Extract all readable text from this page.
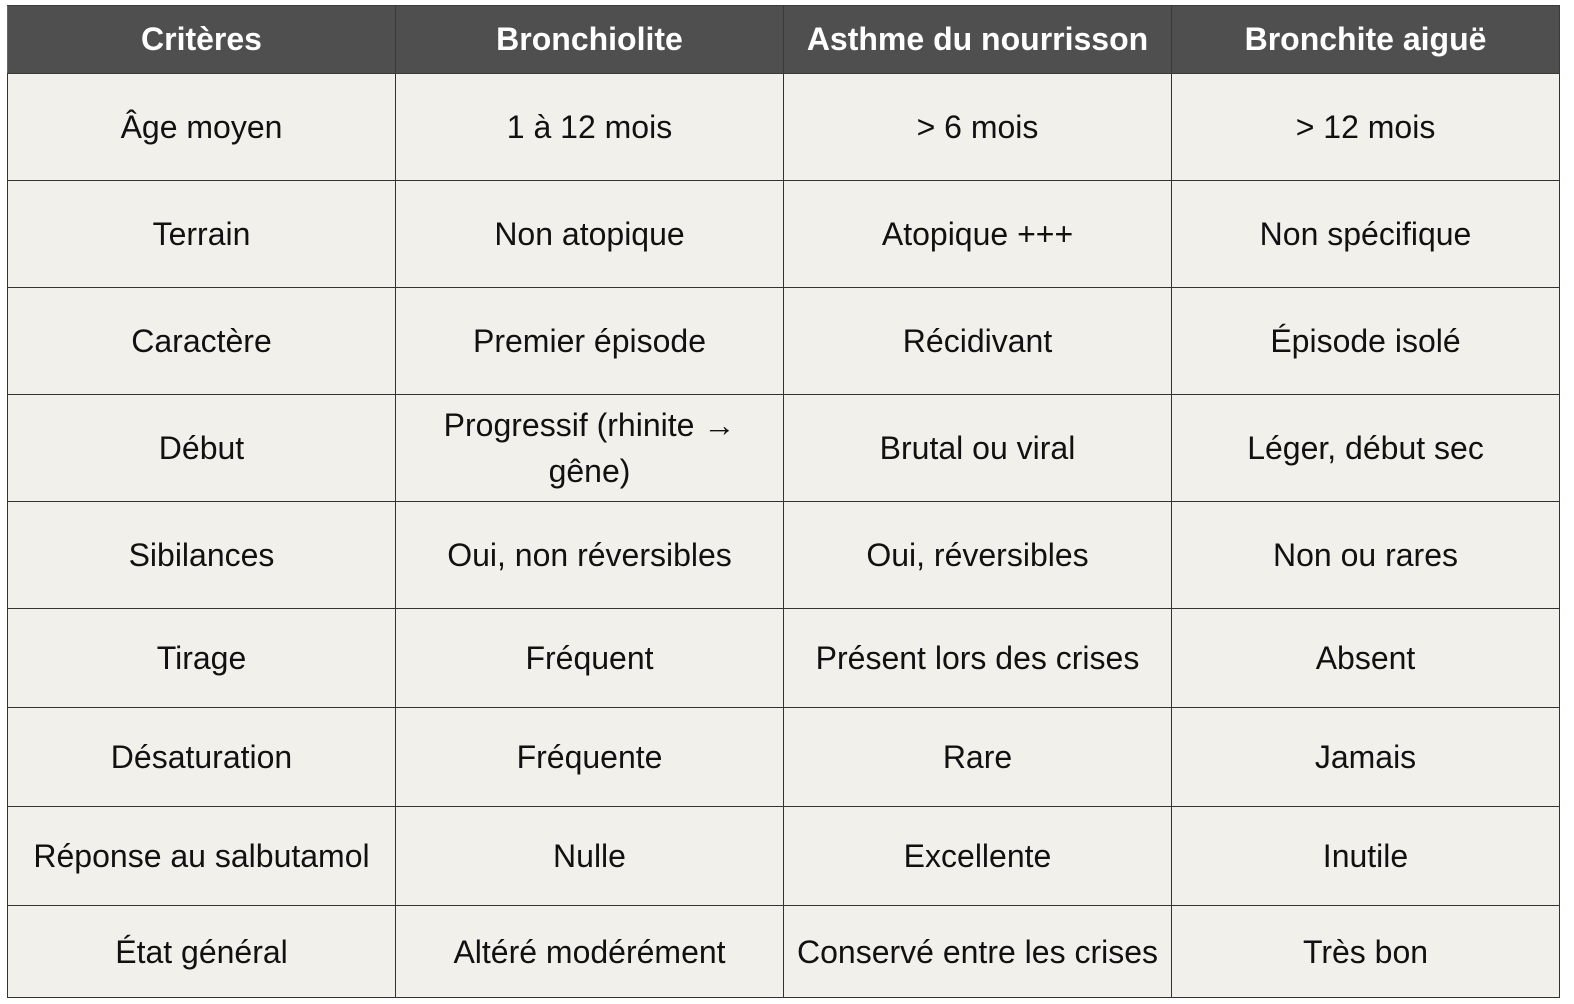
Critères	Bronchiolite	Asthme du nourrisson	Bronchite aiguë
Âge moyen	1 à 12 mois	> 6 mois	> 12 mois
Terrain	Non atopique	Atopique +++	Non spécifique
Caractère	Premier épisode	Récidivant	Épisode isolé
Début	Progressif (rhinite → gêne)	Brutal ou viral	Léger, début sec
Sibilances	Oui, non réversibles	Oui, réversibles	Non ou rares
Tirage	Fréquent	Présent lors des crises	Absent
Désaturation	Fréquente	Rare	Jamais
Réponse au salbutamol	Nulle	Excellente	Inutile
État général	Altéré modérément	Conservé entre les crises	Très bon
